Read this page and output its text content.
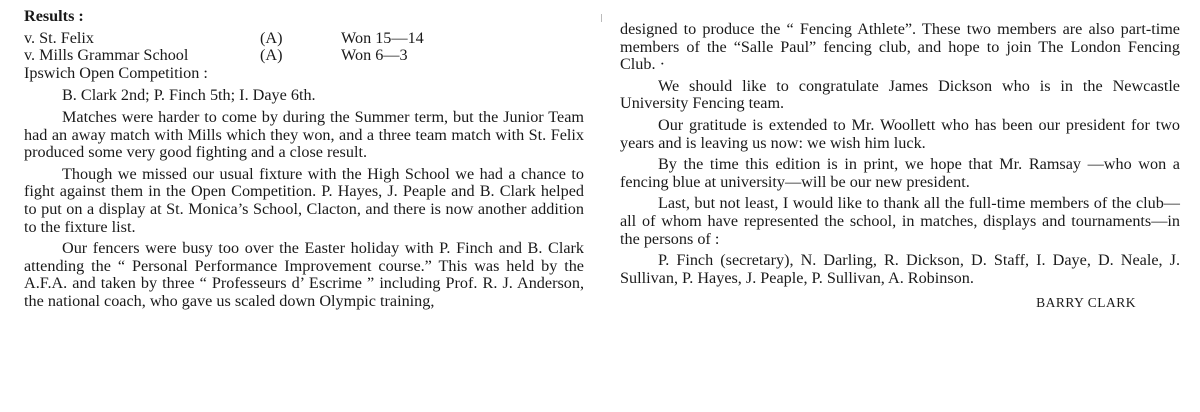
Results :
v. St. Felix	(A)	Won 15—14
v. Mills Grammar School	(A)	Won 6—3

Ipswich Open Competition :

B. Clark 2nd; P. Finch 5th; I. Daye 6th.

Matches were harder to come by during the Summer term, but the Junior Team had an away match with Mills which they won, and a three team match with St. Felix produced some very good fighting and a close result.

Though we missed our usual fixture with the High School we had a chance to fight against them in the Open Competition. P. Hayes, J. Peaple and B. Clark helped to put on a display at St. Monica’s School, Clacton, and there is now another addition to the fixture list.

Our fencers were busy too over the Easter holiday with P. Finch and B. Clark attending the “ Personal Performance Improvement course.” This was held by the A.F.A. and taken by three “ Professeurs d’ Escrime ” including Prof. R. J. Anderson, the national coach, who gave us scaled down Olympic training,

designed to produce the “ Fencing Athlete”. These two members are also part-time members of the “Salle Paul” fencing club, and hope to join The London Fencing Club. ·

We should like to congratulate James Dickson who is in the Newcastle University Fencing team.

Our gratitude is extended to Mr. Woollett who has been our president for two years and is leaving us now: we wish him luck.

By the time this edition is in print, we hope that Mr. Ramsay —who won a fencing blue at university—will be our new president.

Last, but not least, I would like to thank all the full-time members of the club—all of whom have represented the school, in matches, displays and tournaments—in the persons of :

P. Finch (secretary), N. Darling, R. Dickson, D. Staff, I. Daye, D. Neale, J. Sullivan, P. Hayes, J. Peaple, P. Sullivan, A. Robinson.

BARRY CLARK
